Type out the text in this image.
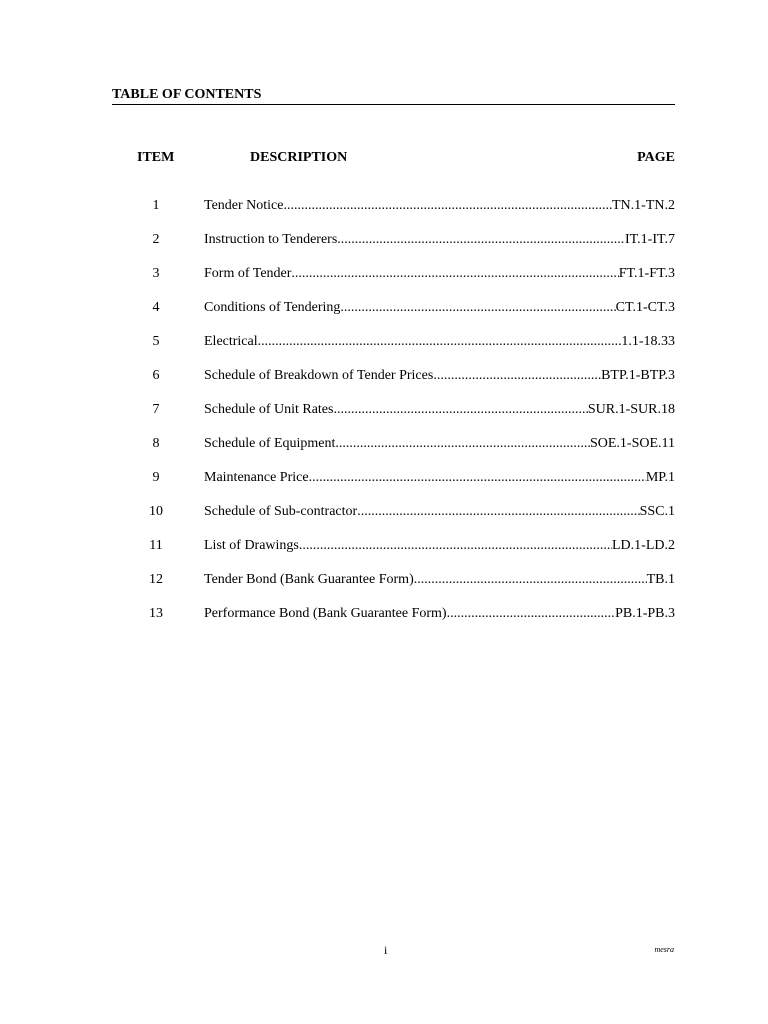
TABLE OF CONTENTS
ITEM	DESCRIPTION	PAGE
1	Tender Notice .....	TN.1-TN.2
2	Instruction to Tenderers .....	IT.1-IT.7
3	Form of Tender .....	FT.1-FT.3
4	Conditions of Tendering .....	CT.1-CT.3
5	Electrical .....	1.1-18.33
6	Schedule of Breakdown of Tender Prices .....	BTP.1-BTP.3
7	Schedule of Unit Rates .....	SUR.1-SUR.18
8	Schedule of Equipment .....	SOE.1-SOE.11
9	Maintenance Price .....	MP.1
10	Schedule of Sub-contractor .....	SSC.1
11	List of Drawings .....	LD.1-LD.2
12	Tender Bond (Bank Guarantee Form) .....	TB.1
13	Performance Bond (Bank Guarantee Form) .....	PB.1-PB.3
i	mesra
